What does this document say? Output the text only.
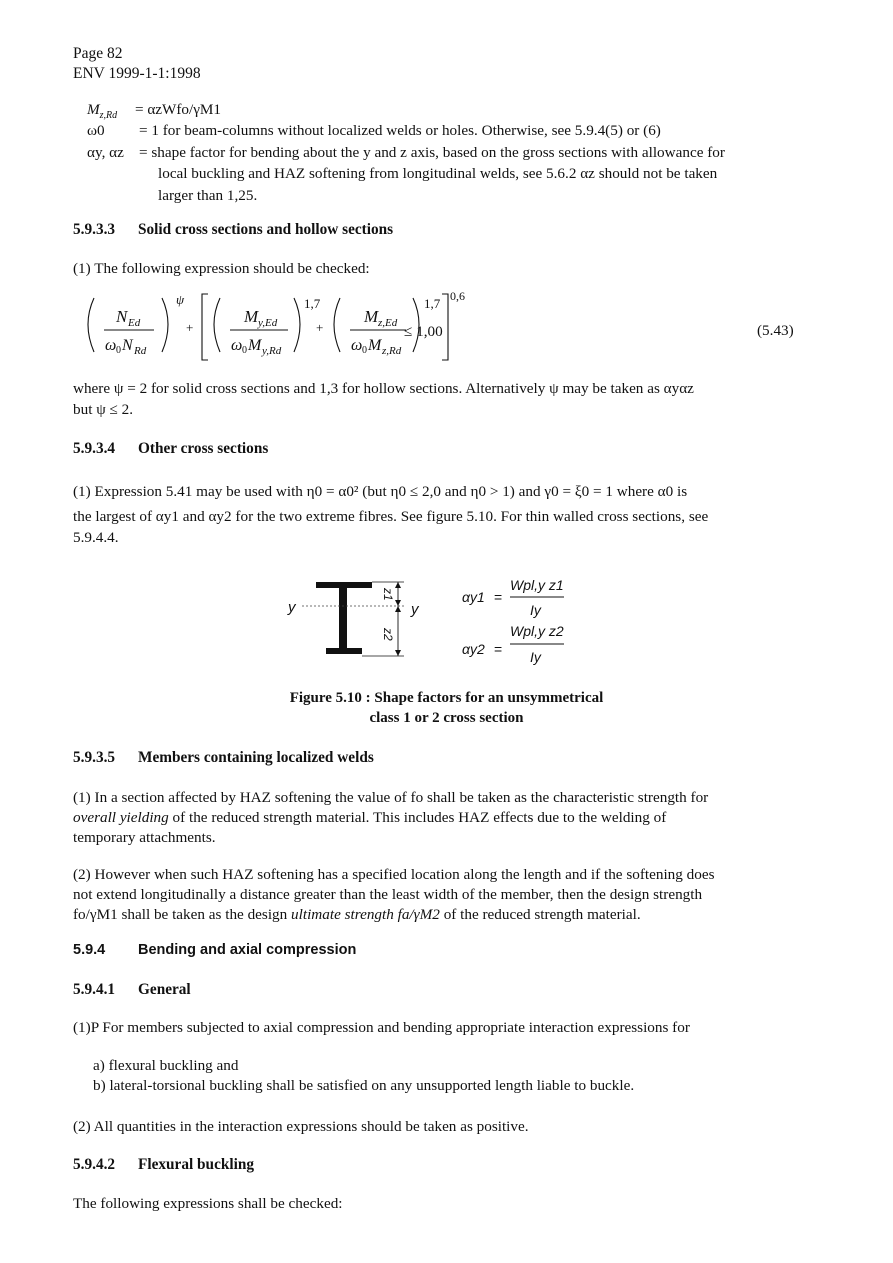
Page 82
ENV 1999-1-1:1998
$M_{z,Rd}$ = αzWfo/γM1
ω0 = 1 for beam-columns without localized welds or holes. Otherwise, see 5.9.4(5) or (6)
αy, αz = shape factor for bending about the y and z axis, based on the gross sections with allowance for
local buckling and HAZ softening from longitudinal welds, see 5.6.2 αz should not be taken
larger than 1,25.
5.9.3.3 Solid cross sections and hollow sections
(1) The following expression should be checked:
N Ed
ω 0 N Rd
ψ
+
M y,Ed
ω 0 M y,Rd
1,7
+
M z,Ed
ω 0 M z,Rd
1,7 0,6
≤ 1,00	(5.43)
where ψ = 2 for solid cross sections and 1,3 for hollow sections. Alternatively ψ may be taken as αyαz
but ψ ≤ 2.
5.9.3.4 Other cross sections
(1) Expression 5.41 may be used with η0 = α0² (but η0 ≤ 2,0 and η0 > 1) and γ0 = ξ0 = 1 where α0 is
the largest of αy1 and αy2 for the two extreme fibres. See figure 5.10. For thin walled cross sections, see
5.9.4.4.
y	y
z1
z2
αy1 =
Wpl,y z1
Iy
αy2 =
Wpl,y z2
Iy
Figure 5.10 : Shape factors for an unsymmetrical
class 1 or 2 cross section
5.9.3.5 Members containing localized welds
(1) In a section affected by HAZ softening the value of fo shall be taken as the characteristic strength for
overall yielding of the reduced strength material. This includes HAZ effects due to the welding of
temporary attachments.
(2) However when such HAZ softening has a specified location along the length and if the softening does
not extend longitudinally a distance greater than the least width of the member, then the design strength
fo/γM1 shall be taken as the design ultimate strength fa/γM2 of the reduced strength material.
5.9.4 Bending and axial compression
5.9.4.1 General
(1)P For members subjected to axial compression and bending appropriate interaction expressions for
a) flexural buckling and
b) lateral-torsional buckling shall be satisfied on any unsupported length liable to buckle.
(2) All quantities in the interaction expressions should be taken as positive.
5.9.4.2 Flexural buckling
The following expressions shall be checked:
